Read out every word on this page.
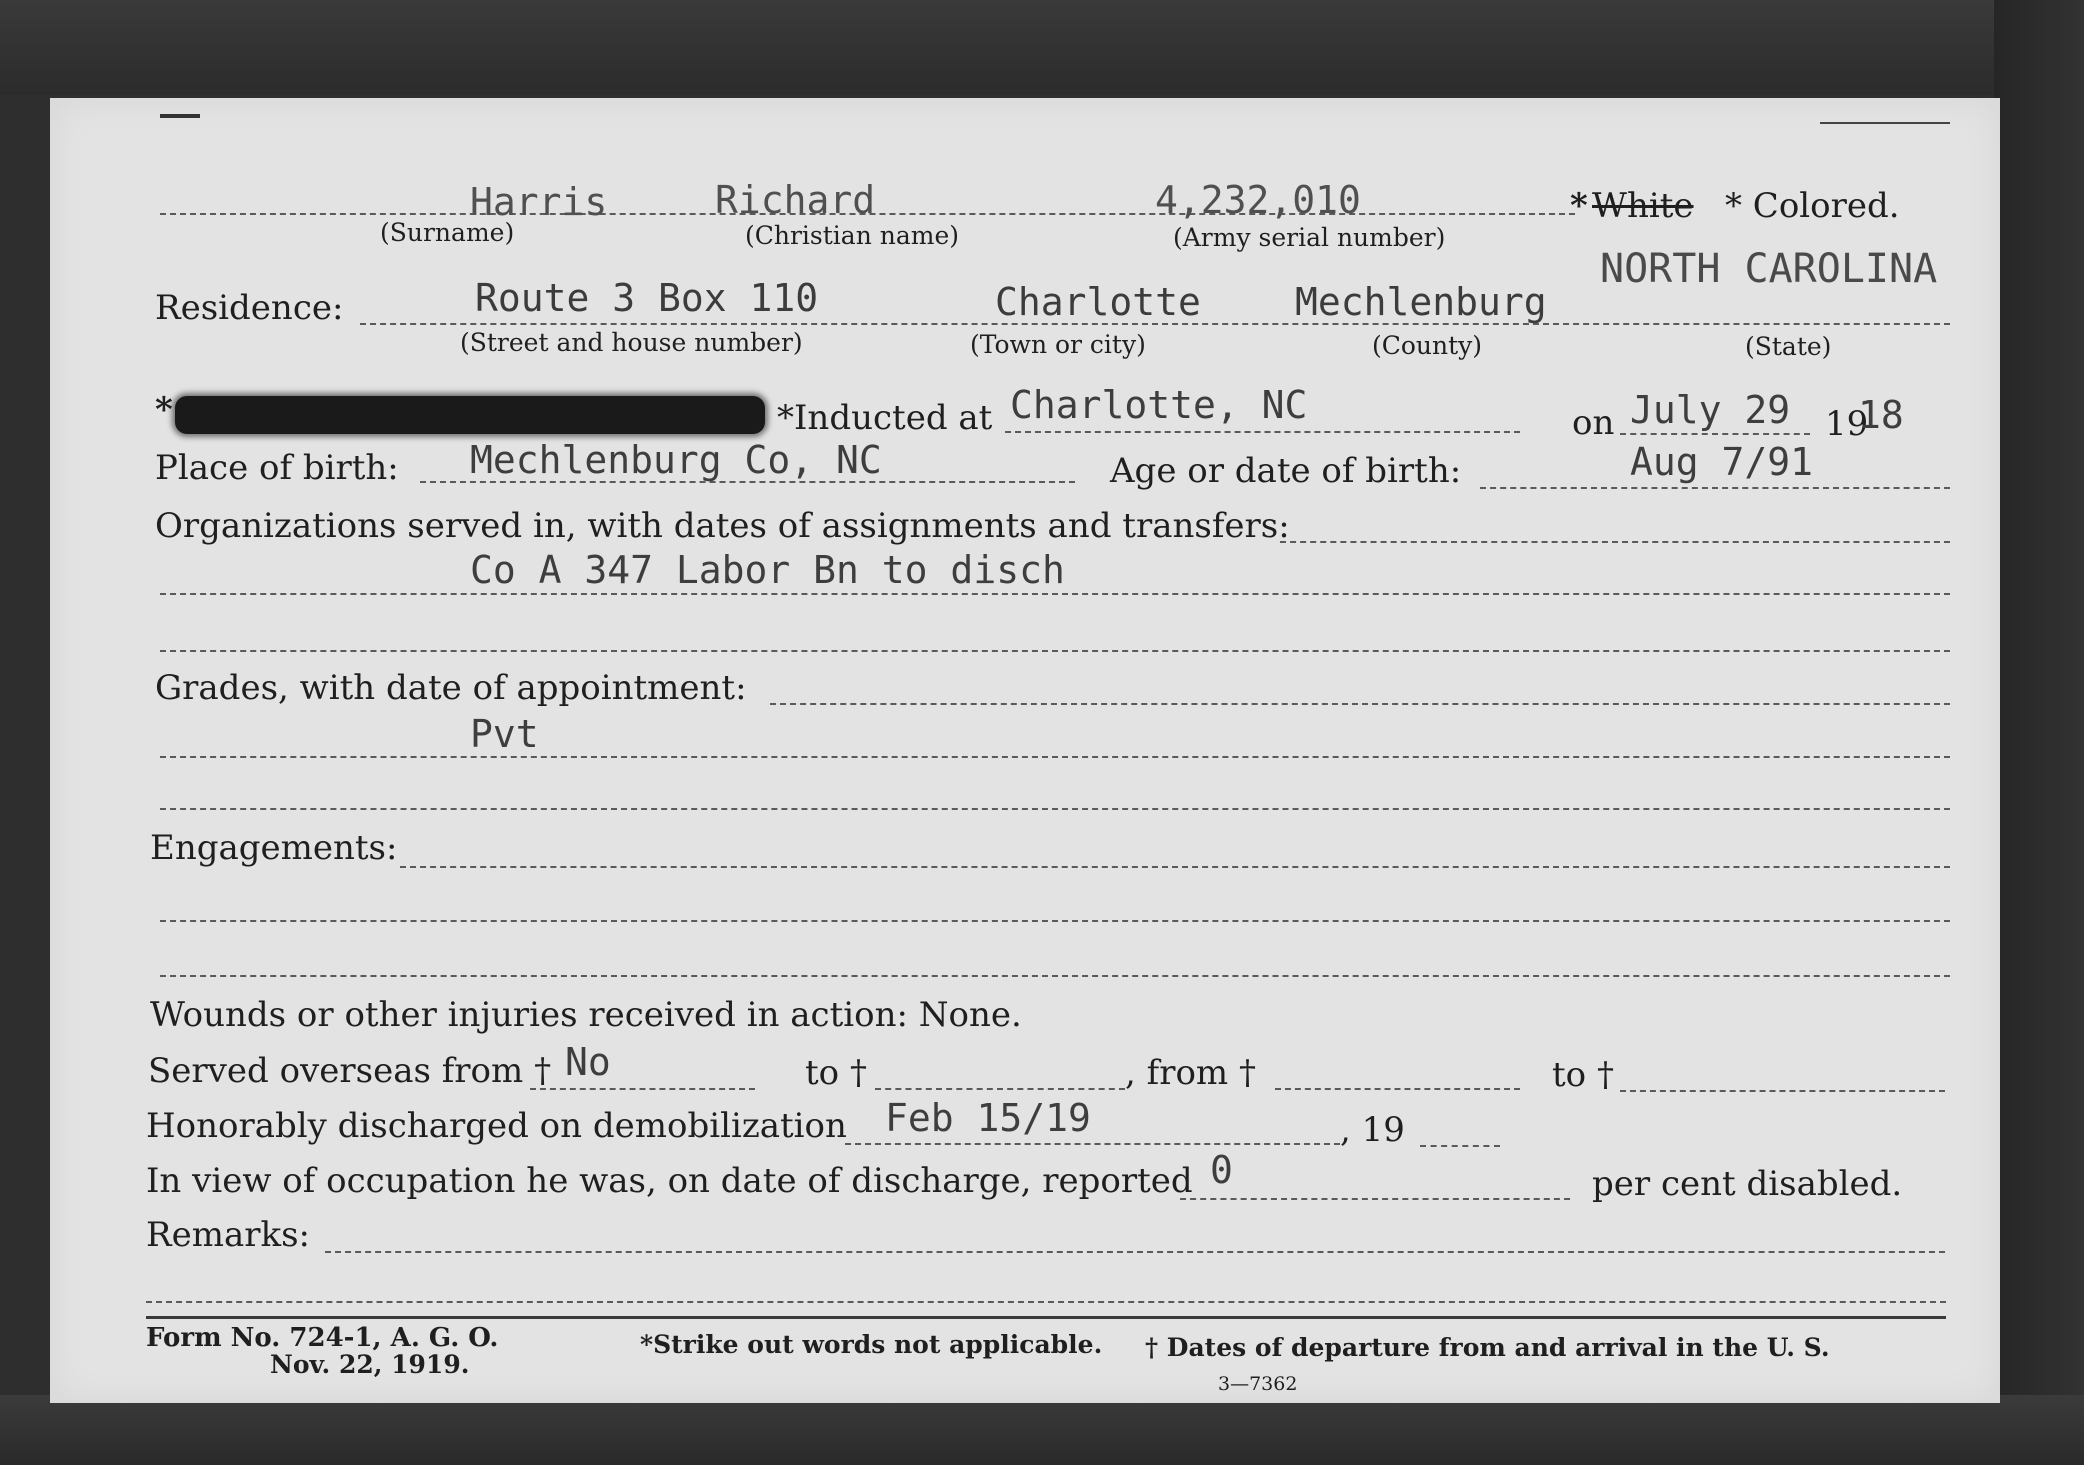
Harris	Richard	4,232,010	* White * Colored.
(Surname)	(Christian name)	(Army serial number)
NORTH CAROLINA
Residence:	Route 3 Box 110	Charlotte Mechlenburg
(Street and house number)	(Town or city)	(County)	(State)
*	*Inducted at Charlotte, NC	on July 29 19
18
Place of birth: Mechlenburg Co, NC	Age or date of birth:	Aug 7/91
Organizations served in, with dates of assignments and transfers:
Co A 347 Labor Bn to disch
Grades, with date of appointment:
Pvt
Engagements:
Wounds or other injuries received in action: None.
Served overseas from † No	to †	, from †	to †
Honorably discharged on demobilization Feb 15/19	, 19
In view of occupation he was, on date of discharge, reported 0	per cent disabled.
Remarks:
Form No. 724-1, A. G. O.
Nov. 22, 1919.
*Strike out words not applicable. † Dates of departure from and arrival in the U. S.
3—7362
